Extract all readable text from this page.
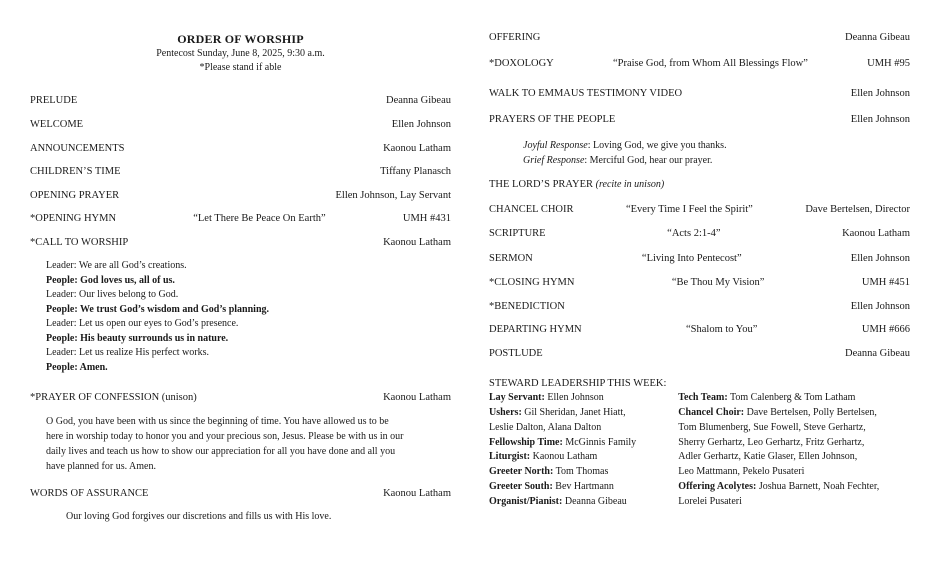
ORDER OF WORSHIP
Pentecost Sunday, June 8, 2025, 9:30 a.m.
*Please stand if able
PRELUDE	Deanna Gibeau
WELCOME	Ellen Johnson
ANNOUNCEMENTS	Kaonou Latham
CHILDREN’S TIME	Tiffany Planasch
OPENING PRAYER	Ellen Johnson, Lay Servant
*OPENING HYMN	“Let There Be Peace On Earth”	UMH #431
*CALL TO WORSHIP	Kaonou Latham
Leader: We are all God’s creations.
People: God loves us, all of us.
Leader: Our lives belong to God.
People: We trust God’s wisdom and God’s planning.
Leader: Let us open our eyes to God’s presence.
People: His beauty surrounds us in nature.
Leader: Let us realize His perfect works.
People: Amen.
*PRAYER OF CONFESSION (unison)	Kaonou Latham
O God, you have been with us since the beginning of time. You have allowed us to be
here in worship today to honor you and your precious son, Jesus. Please be with us in our
daily lives and teach us how to show our appreciation for all you have done and all you
have planned for us. Amen.
WORDS OF ASSURANCE	Kaonou Latham
Our loving God forgives our discretions and fills us with His love.
OFFERING	Deanna Gibeau
*DOXOLOGY	“Praise God, from Whom All Blessings Flow”	UMH #95
WALK TO EMMAUS TESTIMONY VIDEO	Ellen Johnson
PRAYERS OF THE PEOPLE	Ellen Johnson
Joyful Response: Loving God, we give you thanks.
Grief Response: Merciful God, hear our prayer.
THE LORD’S PRAYER (recite in unison)
CHANCEL CHOIR	“Every Time I Feel the Spirit”	Dave Bertelsen, Director
SCRIPTURE	“Acts 2:1-4”	Kaonou Latham
SERMON	“Living Into Pentecost”	Ellen Johnson
*CLOSING HYMN	“Be Thou My Vision”	UMH #451
*BENEDICTION	Ellen Johnson
DEPARTING HYMN	“Shalom to You”	UMH #666
POSTLUDE	Deanna Gibeau
STEWARD LEADERSHIP THIS WEEK:
Lay Servant: Ellen Johnson
Ushers: Gil Sheridan, Janet Hiatt,
Leslie Dalton, Alana Dalton
Fellowship Time: McGinnis Family
Liturgist: Kaonou Latham
Greeter North: Tom Thomas
Greeter South: Bev Hartmann
Organist/Pianist: Deanna Gibeau
Tech Team: Tom Calenberg & Tom Latham
Chancel Choir: Dave Bertelsen, Polly Bertelsen,
Tom Blumenberg, Sue Fowell, Steve Gerhartz,
Sherry Gerhartz, Leo Gerhartz, Fritz Gerhartz,
Adler Gerhartz, Katie Glaser, Ellen Johnson,
Leo Mattmann, Pekelo Pusateri
Offering Acolytes: Joshua Barnett, Noah Fechter,
Lorelei Pusateri
